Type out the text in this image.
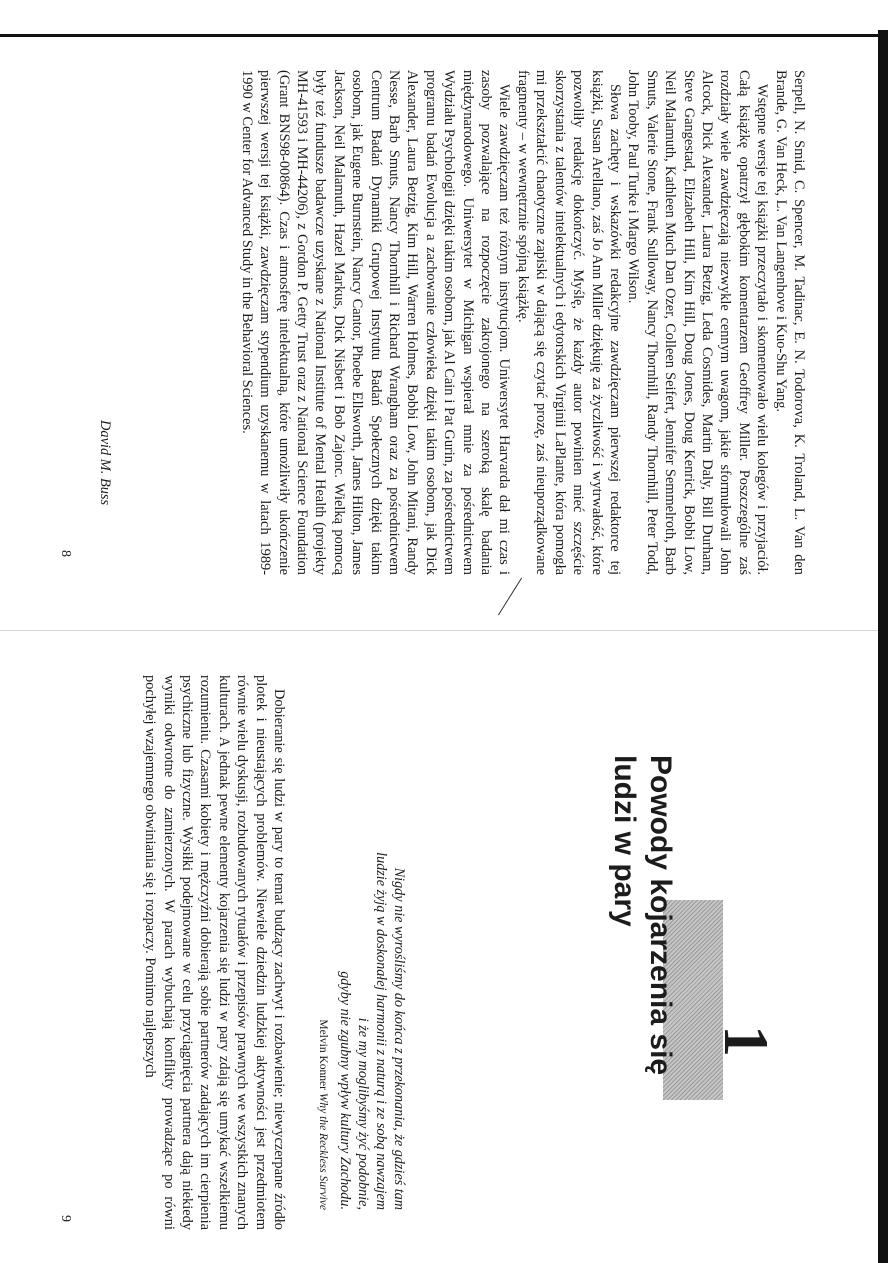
Serpell, N. Smid, C. Spencer, M. Tadinac, E. N. Todorova, K. Troland, L. Van den Brande, G. Van Heck, L. Van Langenhove i Kuo-Shu Yang.

Wstępne wersje tej książki przeczytało i skomentowało wielu kolegów i przyjaciół. Całą książkę opatrzył głębokim komentarzem Geoffrey Miller. Poszczególne zaś rozdziały wiele zawdzięczają niezwykle cennym uwagom, jakie sformułowali John Alcock, Dick Alexander, Laura Betzig, Leda Cosmides, Martin Daly, Bill Durham, Steve Gangestad, Elizabeth Hill, Kim Hill, Doug Jones, Doug Kenrick, Bobbi Low, Neil Malamuth, Kathleen Much Dan Ozer, Colleen Seifert, Jennifer Semmelroth, Barb Smuts, Valerie Stone, Frank Sulloway, Nancy Thornhill, Randy Thornhill, Peter Todd, John Tooby, Paul Turke i Margo Wilson.

Słowa zachęty i wskazówki redakcyjne zawdzięczam pierwszej redaktorce tej książki, Susan Arellano, zaś Jo Ann Miller dziękuję za życzliwość i wytrwałość, które pozwoliły redakcję dokończyć. Myślę, że każdy autor powinien mieć szczęście skorzystania z talentów intelektualnych i edytorskich Virginii LaPlante, która pomogła mi przekształcić chaotyczne zapiski w dającą się czytać prozę, zaś nieuporządkowane fragmenty – w wewnętrznie spójną książkę.

Wiele zawdzięczam też różnym instytucjom. Uniwersytet Harvarda dał mi czas i zasoby pozwalające na rozpoczęcie zakrojonego na szeroką skalę badania międzynarodowego. Uniwersytet w Michigan wspierał mnie za pośrednictwem Wydziału Psychologii dzięki takim osobom, jak Al Cain i Pat Gurin, za pośrednictwem programu badań Ewolucja a zachowanie człowieka dzięki takim osobom, jak Dick Alexander, Laura Betzig, Kim Hill, Warren Holmes, Bobbi Low, John Mitani, Randy Nesse, Barb Smuts, Nancy Thornhill i Richard Wrangham oraz za pośrednictwem Centrum Badań Dynamiki Grupowej Instytutu Badań Społecznych dzięki takim osobom, jak Eugene Burnstein, Nancy Cantor, Phoebe Ellsworth, James Hilton, James Jackson, Neil Malamuth, Hazel Markus, Dick Nisbett i Bob Zajonc. Wielką pomocą były też fundusze badawcze uzyskane z National Institute of Mental Health (projekty MH-41593 i MH-44206), z Gordon P. Getty Trust oraz z National Science Foundation (Grant BNS98-00864). Czas i atmosferę intelektualną, które umożliwiły ukończenie pierwszej wersji tej książki, zawdzięczam stypendium uzyskanemu w latach 1989-1990 w Center for Advanced Study in the Behavioral Sciences.

David M. Buss
8
1
Powody kojarzenia się
ludzi w pary
Nigdy nie wyrośliśmy do końca z przekonania, że gdzieś tam
ludzie żyją w doskonałej harmonii z naturą i ze sobą nawzajem
i że my moglibyśmy żyć podobnie,
gdyby nie zgubny wpływ kultury Zachodu.
Melvin Konner Why the Reckless Survive

Dobieranie się ludzi w pary to temat budzący zachwyt i rozbawienie; niewyczerpane źródło plotek i nieustających problemów. Niewiele dziedzin ludzkiej aktywności jest przedmiotem równie wielu dyskusji, rozbudowanych rytuałów i przepisów prawnych we wszystkich znanych kulturach. A jednak pewne elementy kojarzenia się ludzi w pary zdają się umykać wszelkiemu rozumieniu. Czasami kobiety i mężczyźni dobierają sobie partnerów zadających im cierpienia psychiczne lub fizyczne. Wysiłki podejmowane w celu przyciągnięcia partnera dają niekiedy wyniki odwrotne do zamierzonych. W parach wybuchają konflikty prowadzące po równi pochyłej wzajemnego obwiniania się i rozpaczy. Pomimo najlepszych

9
